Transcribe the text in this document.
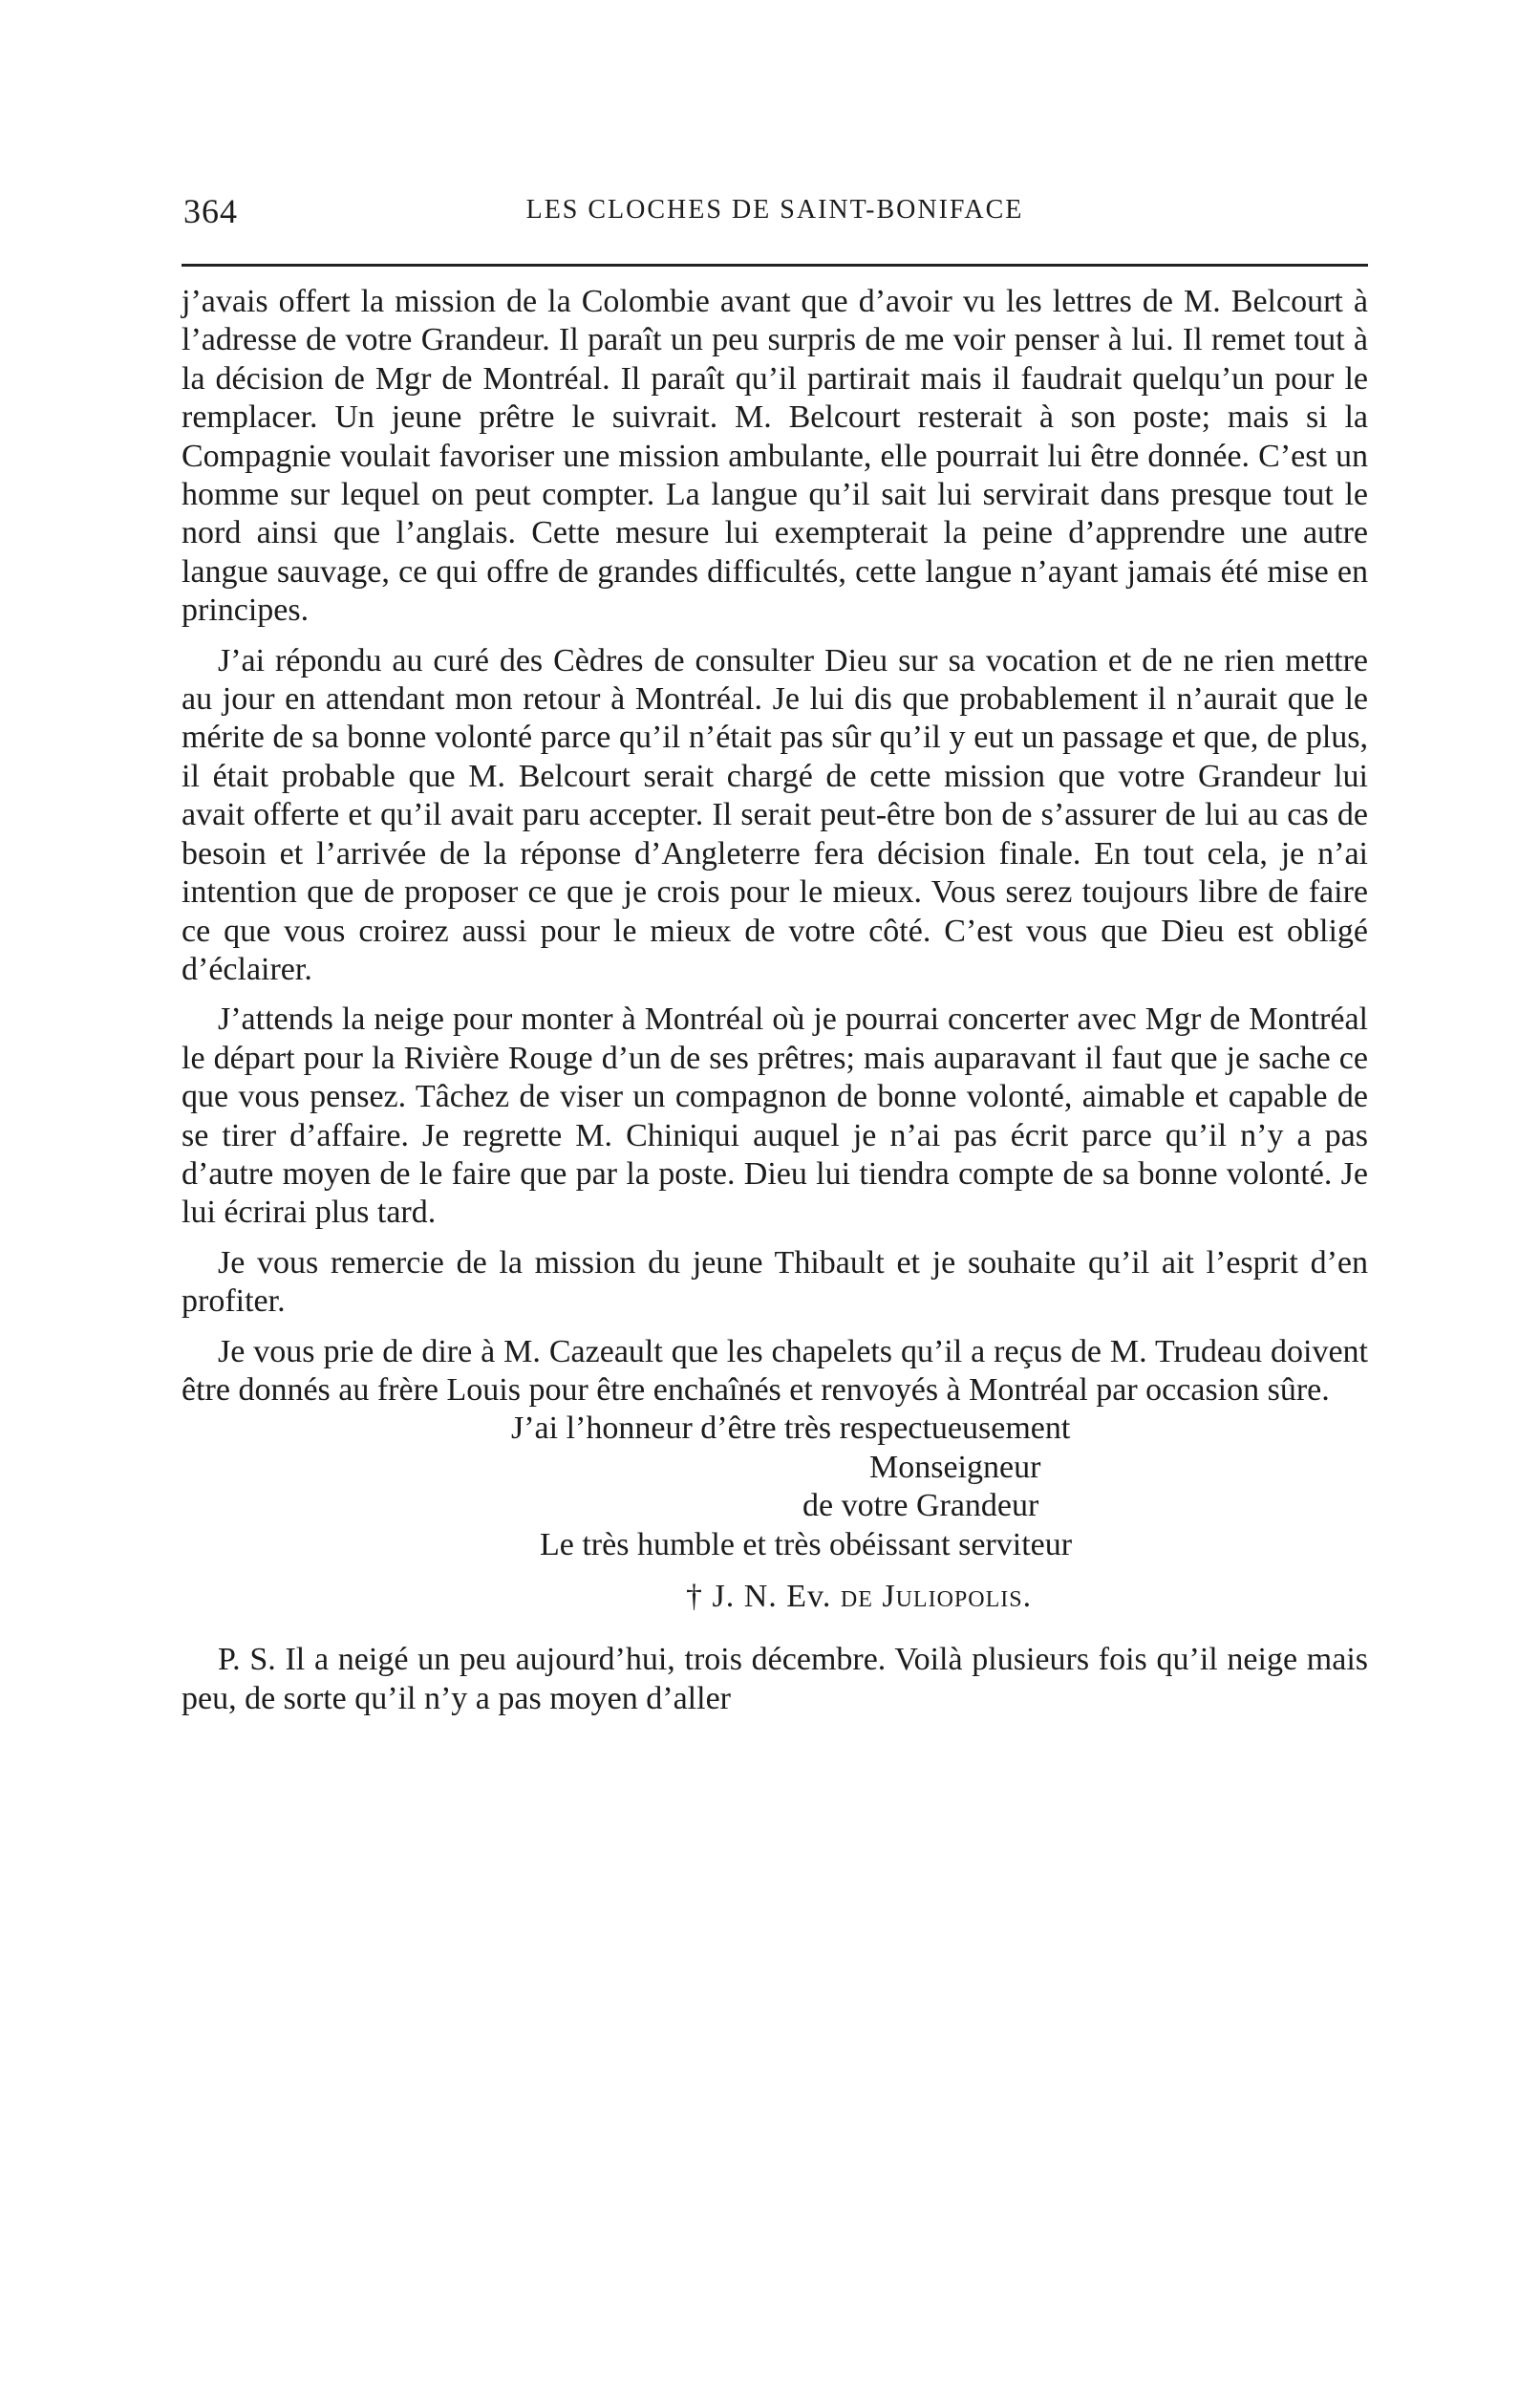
364	LES CLOCHES DE SAINT-BONIFACE

j’avais offert la mission de la Colombie avant que d’avoir vu les lettres de M. Belcourt à l’adresse de votre Grandeur. Il paraît un peu surpris de me voir penser à lui. Il remet tout à la décision de Mgr de Montréal. Il paraît qu’il partirait mais il faudrait quelqu’un pour le remplacer. Un jeune prêtre le suivrait. M. Belcourt resterait à son poste; mais si la Compagnie voulait favoriser une mission ambulante, elle pourrait lui être donnée. C’est un homme sur lequel on peut compter. La langue qu’il sait lui servirait dans presque tout le nord ainsi que l’anglais. Cette mesure lui exempterait la peine d’apprendre une autre langue sauvage, ce qui offre de grandes difficultés, cette langue n’ayant jamais été mise en principes.

J’ai répondu au curé des Cèdres de consulter Dieu sur sa vocation et de ne rien mettre au jour en attendant mon retour à Montréal. Je lui dis que probablement il n’aurait que le mérite de sa bonne volonté parce qu’il n’était pas sûr qu’il y eut un passage et que, de plus, il était probable que M. Belcourt serait chargé de cette mission que votre Grandeur lui avait offerte et qu’il avait paru accepter. Il serait peut-être bon de s’assurer de lui au cas de besoin et l’arrivée de la réponse d’Angleterre fera décision finale. En tout cela, je n’ai intention que de proposer ce que je crois pour le mieux. Vous serez toujours libre de faire ce que vous croirez aussi pour le mieux de votre côté. C’est vous que Dieu est obligé d’éclairer.

J’attends la neige pour monter à Montréal où je pourrai concerter avec Mgr de Montréal le départ pour la Rivière Rouge d’un de ses prêtres; mais auparavant il faut que je sache ce que vous pensez. Tâchez de viser un compagnon de bonne volonté, aimable et capable de se tirer d’affaire. Je regrette M. Chiniqui auquel je n’ai pas écrit parce qu’il n’y a pas d’autre moyen de le faire que par la poste. Dieu lui tiendra compte de sa bonne volonté. Je lui écrirai plus tard.

Je vous remercie de la mission du jeune Thibault et je souhaite qu’il ait l’esprit d’en profiter.

Je vous prie de dire à M. Cazeault que les chapelets qu’il a reçus de M. Trudeau doivent être donnés au frère Louis pour être enchaînés et renvoyés à Montréal par occasion sûre.

J’ai l’honneur d’être très respectueusement
Monseigneur
de votre Grandeur
Le très humble et très obéissant serviteur
† J. N. Ev. de Juliopolis.

P. S. Il a neigé un peu aujourd’hui, trois décembre. Voilà plusieurs fois qu’il neige mais peu, de sorte qu’il n’y a pas moyen d’aller
